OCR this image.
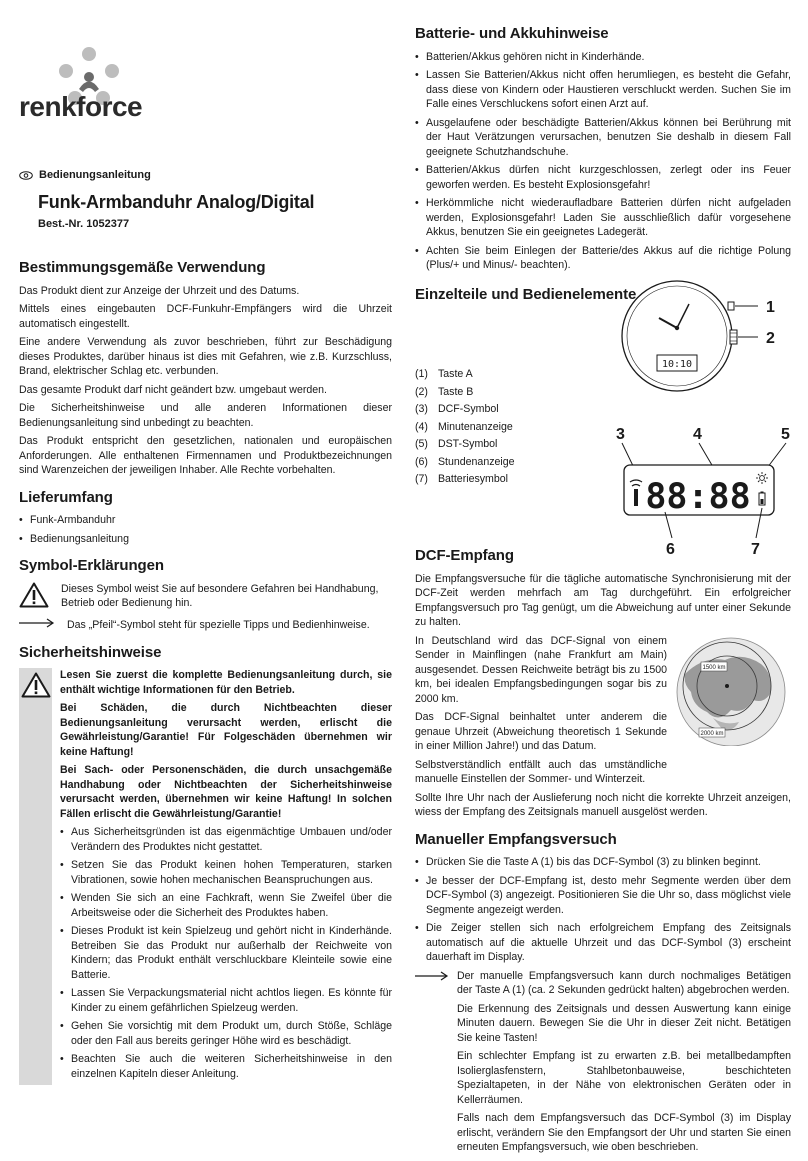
renkforce
Bedienungsanleitung
Funk-Armbanduhr Analog/Digital
Best.-Nr. 1052377
Bestimmungsgemäße Verwendung

Das Produkt dient zur Anzeige der Uhrzeit und des Datums.

Mittels eines eingebauten DCF-Funkuhr-Empfängers wird die Uhrzeit automatisch eingestellt.

Eine andere Verwendung als zuvor beschrieben, führt zur Beschädigung dieses Produktes, darüber hinaus ist dies mit Gefahren, wie z.B. Kurzschluss, Brand, elektrischer Schlag etc. verbunden.

Das gesamte Produkt darf nicht geändert bzw. umgebaut werden.

Die Sicherheitshinweise und alle anderen Informationen dieser Bedienungsanleitung sind unbedingt zu beachten.

Das Produkt entspricht den gesetzlichen, nationalen und europäischen Anforderungen. Alle enthaltenen Firmennamen und Produktbezeichnungen sind Warenzeichen der jeweiligen Inhaber. Alle Rechte vorbehalten.

Lieferumfang
• Funk-Armbanduhr
• Bedienungsanleitung
Symbol-Erklärungen
Dieses Symbol weist Sie auf besondere Gefahren bei Handhabung, Betrieb oder Bedienung hin.
Das „Pfeil“-Symbol steht für spezielle Tipps und Bedienhinweise.
Sicherheitshinweise

Lesen Sie zuerst die komplette Bedienungsanleitung durch, sie enthält wichtige Informationen für den Betrieb.

Bei Schäden, die durch Nichtbeachten dieser Bedienungsanleitung verursacht werden, erlischt die Gewährleistung/Garantie! Für Folgeschäden übernehmen wir keine Haftung!

Bei Sach- oder Personenschäden, die durch unsachgemäße Handhabung oder Nichtbeachten der Sicherheitshinweise verursacht werden, übernehmen wir keine Haftung! In solchen Fällen erlischt die Gewährleistung/Garantie!

• Aus Sicherheitsgründen ist das eigenmächtige Umbauen und/oder Verändern des Produktes nicht gestattet.
• Setzen Sie das Produkt keinen hohen Temperaturen, starken Vibrationen, sowie hohen mechanischen Beanspruchungen aus.
• Wenden Sie sich an eine Fachkraft, wenn Sie Zweifel über die Arbeitsweise oder die Sicherheit des Produktes haben.
• Dieses Produkt ist kein Spielzeug und gehört nicht in Kinderhände. Betreiben Sie das Produkt nur außerhalb der Reichweite von Kindern; das Produkt enthält verschluckbare Kleinteile sowie eine Batterie.
• Lassen Sie Verpackungsmaterial nicht achtlos liegen. Es könnte für Kinder zu einem gefährlichen Spielzeug werden.
• Gehen Sie vorsichtig mit dem Produkt um, durch Stöße, Schläge oder den Fall aus bereits geringer Höhe wird es beschädigt.
• Beachten Sie auch die weiteren Sicherheitshinweise in den einzelnen Kapiteln dieser Anleitung.
Batterie- und Akkuhinweise
• Batterien/Akkus gehören nicht in Kinderhände.
• Lassen Sie Batterien/Akkus nicht offen herumliegen, es besteht die Gefahr, dass diese von Kindern oder Haustieren verschluckt werden. Suchen Sie im Falle eines Verschluckens sofort einen Arzt auf.
• Ausgelaufene oder beschädigte Batterien/Akkus können bei Berührung mit der Haut Verätzungen verursachen, benutzen Sie deshalb in diesem Fall geeignete Schutzhandschuhe.
• Batterien/Akkus dürfen nicht kurzgeschlossen, zerlegt oder ins Feuer geworfen werden. Es besteht Explosionsgefahr!
• Herkömmliche nicht wiederaufladbare Batterien dürfen nicht aufgeladen werden, Explosionsgefahr! Laden Sie ausschließlich dafür vorgesehene Akkus, benutzen Sie ein geeignetes Ladegerät.
• Achten Sie beim Einlegen der Batterie/des Akkus auf die richtige Polung (Plus/+ und Minus/- beachten).
Einzelteile und Bedienelemente
10:10
1
2
(1)
Taste A
(2)
Taste B
(3)
DCF-Symbol
(4)
Minutenanzeige
(5)
DST-Symbol
(6)
Stundenanzeige
(7)
Batteriesymbol
3	4	5
88:88
6	7
DCF-Empfang

Die Empfangsversuche für die tägliche automatische Synchronisierung mit der DCF-Zeit werden mehrfach am Tag durchgeführt. Ein erfolgreicher Empfangsversuch pro Tag genügt, um die Abweichung auf unter einer Sekunde zu halten.

In Deutschland wird das DCF-Signal von einem Sender in Mainflingen (nahe Frankfurt am Main) ausgesendet. Dessen Reichweite beträgt bis zu 1500 km, bei idealen Empfangsbedingungen sogar bis zu 2000 km.

Das DCF-Signal beinhaltet unter anderem die genaue Uhrzeit (Abweichung theoretisch 1 Sekunde in einer Million Jahre!) und das Datum.

Selbstverständlich entfällt auch das umständliche manuelle Einstellen der Sommer- und Winterzeit.

1500 km
2000 km

Sollte Ihre Uhr nach der Auslieferung noch nicht die korrekte Uhrzeit anzeigen, wiess der Empfang des Zeitsignals manuell ausgelöst werden.

Manueller Empfangsversuch
• Drücken Sie die Taste A (1) bis das DCF-Symbol (3) zu blinken beginnt.
• Je besser der DCF-Empfang ist, desto mehr Segmente werden über dem DCF-Symbol (3) angezeigt. Positionieren Sie die Uhr so, dass möglichst viele Segmente angezeigt werden.
• Die Zeiger stellen sich nach erfolgreichem Empfang des Zeitsignals automatisch auf die aktuelle Uhrzeit und das DCF-Symbol (3) erscheint dauerhaft im Display.

Der manuelle Empfangsversuch kann durch nochmaliges Betätigen der Taste A (1) (ca. 2 Sekunden gedrückt halten) abgebrochen werden.

Die Erkennung des Zeitsignals und dessen Auswertung kann einige Minuten dauern. Bewegen Sie die Uhr in dieser Zeit nicht. Betätigen Sie keine Tasten!

Ein schlechter Empfang ist zu erwarten z.B. bei metallbedampften Isolierglasfenstern, Stahlbetonbauweise, beschichteten Spezialtapeten, in der Nähe von elektronischen Geräten oder in Kellerräumen.

Falls nach dem Empfangsversuch das DCF-Symbol (3) im Display erlischt, verändern Sie den Empfangsort der Uhr und starten Sie einen erneuten Empfangsversuch, wie oben beschrieben.
